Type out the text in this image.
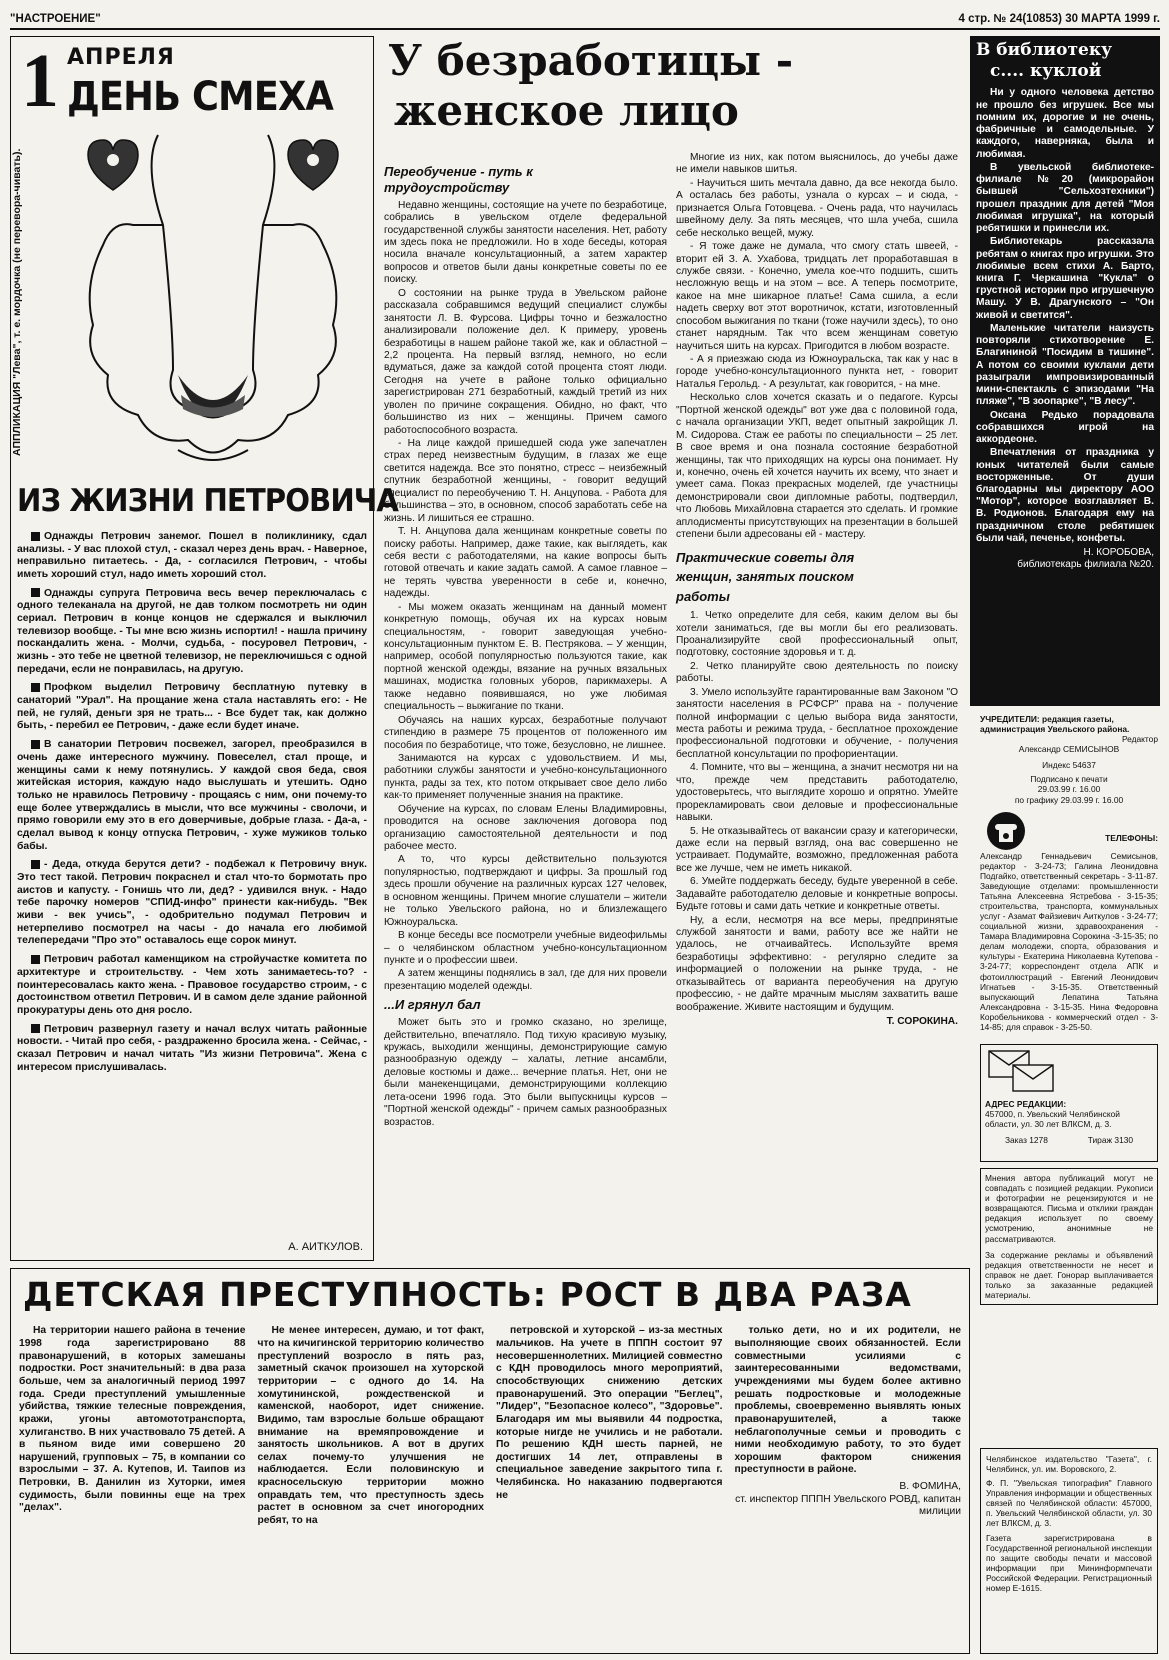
"НАСТРОЕНИЕ"	4 стр. № 24(10853) 30 МАРТА 1999 г.
1 АПРЕЛЯ
ДЕНЬ СМЕХА
АППЛИКАЦИЯ "Лева", т. е. мордочка (не перевора-чивать).
ИЗ ЖИЗНИ ПЕТРОВИЧА

Однажды Петрович занемог. Пошел в поликлинику, сдал анализы. - У вас плохой стул, - сказал через день врач. - Наверное, неправильно питаетесь. - Да, - согласился Петрович, - чтобы иметь хороший стул, надо иметь хороший стол.

Однажды супруга Петровича весь вечер переключалась с одного телеканала на другой, не дав толком посмотреть ни один сериал. Петрович в конце концов не сдержался и выключил телевизор вообще. - Ты мне всю жизнь испортил! - нашла причину поскандалить жена. - Молчи, судьба, - посуровел Петрович, - жизнь - это тебе не цветной телевизор, не переключишься с одной передачи, если не понравилась, на другую.

Профком выделил Петровичу бесплатную путевку в санаторий "Урал". На прощание жена стала наставлять его: - Не пей, не гуляй, деньги зря не трать... - Все будет так, как должно быть, - перебил ее Петрович, - даже если будет иначе.

В санатории Петрович посвежел, загорел, преобразился в очень даже интересного мужчину. Повеселел, стал проще, и женщины сами к нему потянулись. У каждой своя беда, своя житейская история, каждую надо выслушать и утешить. Одно только не нравилось Петровичу - прощаясь с ним, они почему-то еще более утверждались в мысли, что все мужчины - сволочи, и прямо говорили ему это в его доверчивые, добрые глаза. - Да-а, - сделал вывод к концу отпуска Петрович, - хуже мужиков только бабы.

- Деда, откуда берутся дети? - подбежал к Петровичу внук. Это тест такой. Петрович покраснел и стал что-то бормотать про аистов и капусту. - Гонишь что ли, дед? - удивился внук. - Надо тебе парочку номеров "СПИД-инфо" принести как-нибудь. "Век живи - век учись", - одобрительно подумал Петрович и нетерпеливо посмотрел на часы - до начала его любимой телепередачи "Про это" оставалось еще сорок минут.

Петрович работал каменщиком на стройучастке комитета по архитектуре и строительству. - Чем хоть занимаетесь-то? - поинтересовалась както жена. - Правовое государство строим, - с достоинством ответил Петрович. И в самом деле здание районной прокуратуры день ото дня росло.

Петрович развернул газету и начал вслух читать районные новости. - Читай про себя, - раздраженно бросила жена. - Сейчас, - сказал Петрович и начал читать "Из жизни Петровича". Жена с интересом прислушивалась.

А. АИТКУЛОВ.
У безработицы -
женское лицо
Переобучение - путь к трудоустройству

Недавно женщины, состоящие на учете по безработице, собрались в увельском отделе федеральной государственной службы занятости населения. Нет, работу им здесь пока не предложили. Но в ходе беседы, которая носила вначале консультационный, а затем характер вопросов и ответов были даны конкретные советы по ее поиску.

О состоянии на рынке труда в Увельском районе рассказала собравшимся ведущий специалист службы занятости Л. В. Фурсова. Цифры точно и безжалостно анализировали положение дел. К примеру, уровень безработицы в нашем районе такой же, как и областной – 2,2 процента. На первый взгляд, немного, но если вдуматься, даже за каждой сотой процента стоят люди. Сегодня на учете в районе только официально зарегистрирован 271 безработный, каждый третий из них уволен по причине сокращения. Обидно, но факт, что большинство из них – женщины. Причем самого работоспособного возраста.

- На лице каждой пришедшей сюда уже запечатлен страх перед неизвестным будущим, в глазах же еще светится надежда. Все это понятно, стресс – неизбежный спутник безработной женщины, - говорит ведущий специалист по переобучению Т. Н. Анцупова. - Работа для большинства – это, в основном, способ заработать себе на жизнь. И лишиться ее страшно.

Т. Н. Анцупова дала женщинам конкретные советы по поиску работы. Например, даже такие, как выглядеть, как себя вести с работодателями, на какие вопросы быть готовой отвечать и какие задать самой. А самое главное – не терять чувства уверенности в себе и, конечно, надежды.

- Мы можем оказать женщинам на данный момент конкретную помощь, обучая их на курсах новым специальностям, - говорит заведующая учебно-консультационным пунктом Е. В. Пестрякова. – У женщин, например, особой популярностью пользуются такие, как портной женской одежды, вязание на ручных вязальных машинах, модистка головных уборов, парикмахеры. А также недавно появившаяся, но уже любимая специальность – выжигание по ткани.

Обучаясь на наших курсах, безработные получают стипендию в размере 75 процентов от положенного им пособия по безработице, что тоже, безусловно, не лишнее.

Занимаются на курсах с удовольствием. И мы, работники службы занятости и учебно-консультационного пункта, рады за тех, кто потом открывает свое дело либо как-то применяет полученные знания на практике.

Обучение на курсах, по словам Елены Владимировны, проводится на основе заключения договора под организацию самостоятельной деятельности и под рабочее место.

А то, что курсы действительно пользуются популярностью, подтверждают и цифры. За прошлый год здесь прошли обучение на различных курсах 127 человек, в основном женщины. Причем многие слушатели – жители не только Увельского района, но и близлежащего Южноуральска.

В конце беседы все посмотрели учебные видеофильмы – о челябинском областном учебно-консультационном пункте и о профессии швеи.

А затем женщины поднялись в зал, где для них провели презентацию моделей одежды.

...И грянул бал

Может быть это и громко сказано, но зрелище, действительно, впечатляло. Под тихую красивую музыку, кружась, выходили женщины, демонстрирующие самую разнообразную одежду – халаты, летние ансамбли, деловые костюмы и даже... вечерние платья. Нет, они не были манекенщицами, демонстрирующими коллекцию лета-осени 1996 года. Это были выпускницы курсов – "Портной женской одежды" - причем самых разнообразных возрастов.

Многие из них, как потом выяснилось, до учебы даже не имели навыков шитья.

- Научиться шить мечтала давно, да все некогда было. А осталась без работы, узнала о курсах – и сюда, - признается Ольга Готовцева. - Очень рада, что научилась швейному делу. За пять месяцев, что шла учеба, сшила себе несколько вещей, мужу.

- Я тоже даже не думала, что смогу стать швеей, - вторит ей З. А. Ухабова, тридцать лет проработавшая в службе связи. - Конечно, умела кое-что подшить, сшить несложную вещь и на этом – все. А теперь посмотрите, какое на мне шикарное платье! Сама сшила, а если надеть сверху вот этот воротничок, кстати, изготовленный способом выжигания по ткани (тоже научили здесь), то оно станет нарядным. Так что всем женщинам советую научиться шить на курсах. Пригодится в любом возрасте.

- А я приезжаю сюда из Южноуральска, так как у нас в городе учебно-консультационного пункта нет, - говорит Наталья Герольд. - А результат, как говорится, - на мне.

Несколько слов хочется сказать и о педагоге. Курсы "Портной женской одежды" вот уже два с половиной года, с начала организации УКП, ведет опытный закройщик Л. М. Сидорова. Стаж ее работы по специальности – 25 лет. В свое время и она познала состояние безработной женщины, так что приходящих на курсы она понимает. Ну и, конечно, очень ей хочется научить их всему, что знает и умеет сама. Показ прекрасных моделей, где участницы демонстрировали свои дипломные работы, подтвердил, что Любовь Михайловна старается это сделать. И громкие аплодисменты присутствующих на презентации в большей степени были адресованы ей - мастеру.

Практические советы для женщин, занятых поиском работы

1. Четко определите для себя, каким делом вы бы хотели заниматься, где вы могли бы его реализовать. Проанализируйте свой профессиональный опыт, подготовку, состояние здоровья и т. д.

2. Четко планируйте свою деятельность по поиску работы.

3. Умело используйте гарантированные вам Законом "О занятости населения в РСФСР" права на - получение полной информации с целью выбора вида занятости, места работы и режима труда, - бесплатное прохождение профессиональной подготовки и обучение, - получения бесплатной консультации по профориентации.

4. Помните, что вы – женщина, а значит несмотря ни на что, прежде чем представить работодателю, удостоверьтесь, что выглядите хорошо и опрятно. Умейте прорекламировать свои деловые и профессиональные навыки.

5. Не отказывайтесь от вакансии сразу и категорически, даже если на первый взгляд, она вас совершенно не устраивает. Подумайте, возможно, предложенная работа все же лучше, чем не иметь никакой.

6. Умейте поддержать беседу, будьте уверенной в себе. Задавайте работодателю деловые и конкретные вопросы. Будьте готовы и сами дать четкие и конкретные ответы.

Ну, а если, несмотря на все меры, предпринятые службой занятости и вами, работу все же найти не удалось, не отчаивайтесь. Используйте время безработицы эффективно: - регулярно следите за информацией о положении на рынке труда, - не отказывайтесь от варианта переобучения на другую профессию, - не дайте мрачным мыслям захватить ваше воображение. Живите настоящим и будущим.

Т. СОРОКИНА.
В библиотеку
с.... куклой

Ни у одного человека детство не прошло без игрушек. Все мы помним их, дорогие и не очень, фабричные и самодельные. У каждого, наверняка, была и любимая.

В увельской библиотеке-филиале №20 (микрорайон бывшей "Сельхозтехники") прошел праздник для детей "Моя любимая игрушка", на который ребятишки и принесли их.

Библиотекарь рассказала ребятам о книгах про игрушки. Это любимые всем стихи А. Барто, книга Г. Черкашина "Кукла" о грустной истории про игрушечную Машу. У В. Драгунского – "Он живой и светится".

Маленькие читатели наизусть повторяли стихотворение Е. Благининой "Посидим в тишине". А потом со своими куклами дети разыграли импровизированный мини-спектакль с эпизодами "На пляже", "В зоопарке", "В лесу".

Оксана Редько порадовала собравшихся игрой на аккордеоне.

Впечатления от праздника у юных читателей были самые восторженные. От души благодарны мы директору АОО "Мотор", которое возглавляет В. В. Родионов. Благодаря ему на праздничном столе ребятишек были чай, печенье, конфеты.

Н. КОРОБОВА,
библиотекарь филиала №20.
УЧРЕДИТЕЛИ: редакция газеты, администрация Увельского района.
Редактор
Александр СЕМИСЫНОВ
Индекс 54637
Подписано к печати
29.03.99 г. 16.00
по графику 29.03.99 г. 16.00
ТЕЛЕФОНЫ:
Александр Геннадьевич Семисынов, редактор - 3-24-73; Галина Леонидовна Подгайко, ответственный секретарь - 3-11-87. Заведующие отделами: промышленности Татьяна Алексеевна Ястребова - 3-15-35; строительства, транспорта, коммунальных услуг - Азамат Файзиевич Аиткулов - 3-24-77; социальной жизни, здравоохранения - Тамара Владимировна Сорокина -3-15-35; по делам молодежи, спорта, образования и культуры - Екатерина Николаевна Кутепова - 3-24-77; корреспондент отдела АПК и фотоиллюстраций - Евгений Леонидович Игнатьев - 3-15-35. Ответственный выпускающий Лепатина Татьяна Александровна - 3-15-35. Нина Федоровна Коробельникова - коммерческий отдел - 3-14-85; для справок - 3-25-50.
АДРЕС РЕДАКЦИИ:
457000, п. Увельский Челябинской области, ул. 30 лет ВЛКСМ, д. 3.
Заказ 1278	Тираж 3130
Мнения автора публикаций могут не совпадать с позицией редакции. Рукописи и фотографии не рецензируются и не возвращаются. Письма и отклики граждан редакция использует по своему усмотрению, анонимные не рассматриваются.
За содержание рекламы и объявлений редакция ответственности не несет и справок не дает. Гонорар выплачивается только за заказанные редакцией материалы.
ДЕТСКАЯ ПРЕСТУПНОСТЬ: РОСТ В ДВА РАЗА

На территории нашего района в течение 1998 года зарегистрировано 88 правонарушений, в которых замешаны подростки. Рост значительный: в два раза больше, чем за аналогичный период 1997 года. Среди преступлений умышленные убийства, тяжкие телесные повреждения, кражи, угоны автомототранспорта, хулиганство. В них участвовало 75 детей. А в пьяном виде ими совершено 20 нарушений, групповых – 75, в компании со взрослыми – 37. А. Кутепов, И. Таипов из Петровки, В. Данилин из Хуторки, имея судимость, были повинны еще на трех "делах".

Не менее интересен, думаю, и тот факт, что на кичигинской территорию количество преступлений возросло в пять раз, заметный скачок произошел на хуторской территории – с одного до 14. На хомутининской, рождественской и каменской, наоборот, идет снижение. Видимо, там взрослые больше обращают внимание на времяпровождение и занятость школьников. А вот в других селах почему-то улучшения не наблюдается. Если половинскую и красносельскую территории можно оправдать тем, что преступность здесь растет в основном за счет иногородних ребят, то на

петровской и хуторской – из-за местных мальчиков. На учете в ПППН состоит 97 несовершеннолетних. Милицией совместно с КДН проводилось много мероприятий, способствующих снижению детских правонарушений. Это операции "Беглец", "Лидер", "Безопасное колесо", "Здоровье". Благодаря им мы выявили 44 подростка, которые нигде не учились и не работали. По решению КДН шесть парней, не достигших 14 лет, отправлены в специальное заведение закрытого типа г. Челябинска. Но наказанию подвергаются не

только дети, но и их родители, не выполняющие своих обязанностей. Если совместными усилиями с заинтересованными ведомствами, учреждениями мы будем более активно решать подростковые и молодежные проблемы, своевременно выявлять юных правонарушителей, а также неблагополучные семьи и проводить с ними необходимую работу, то это будет хорошим фактором снижения преступности в районе.

В. ФОМИНА,
ст. инспектор ПППН Увельского РОВД, капитан милиции
Челябинское издательство "Газета", г. Челябинск, ул. им. Воровского, 2.
Ф. П. "Увельская типография" Главного Управления информации и общественных связей по Челябинской области: 457000, п. Увельский Челябинской области, ул. 30 лет ВЛКСМ, д. 3.
Газета зарегистрирована в Государственной региональной инспекции по защите свободы печати и массовой информации при Мининформпечати Российской Федерации. Регистрационный номер Е-1615.
